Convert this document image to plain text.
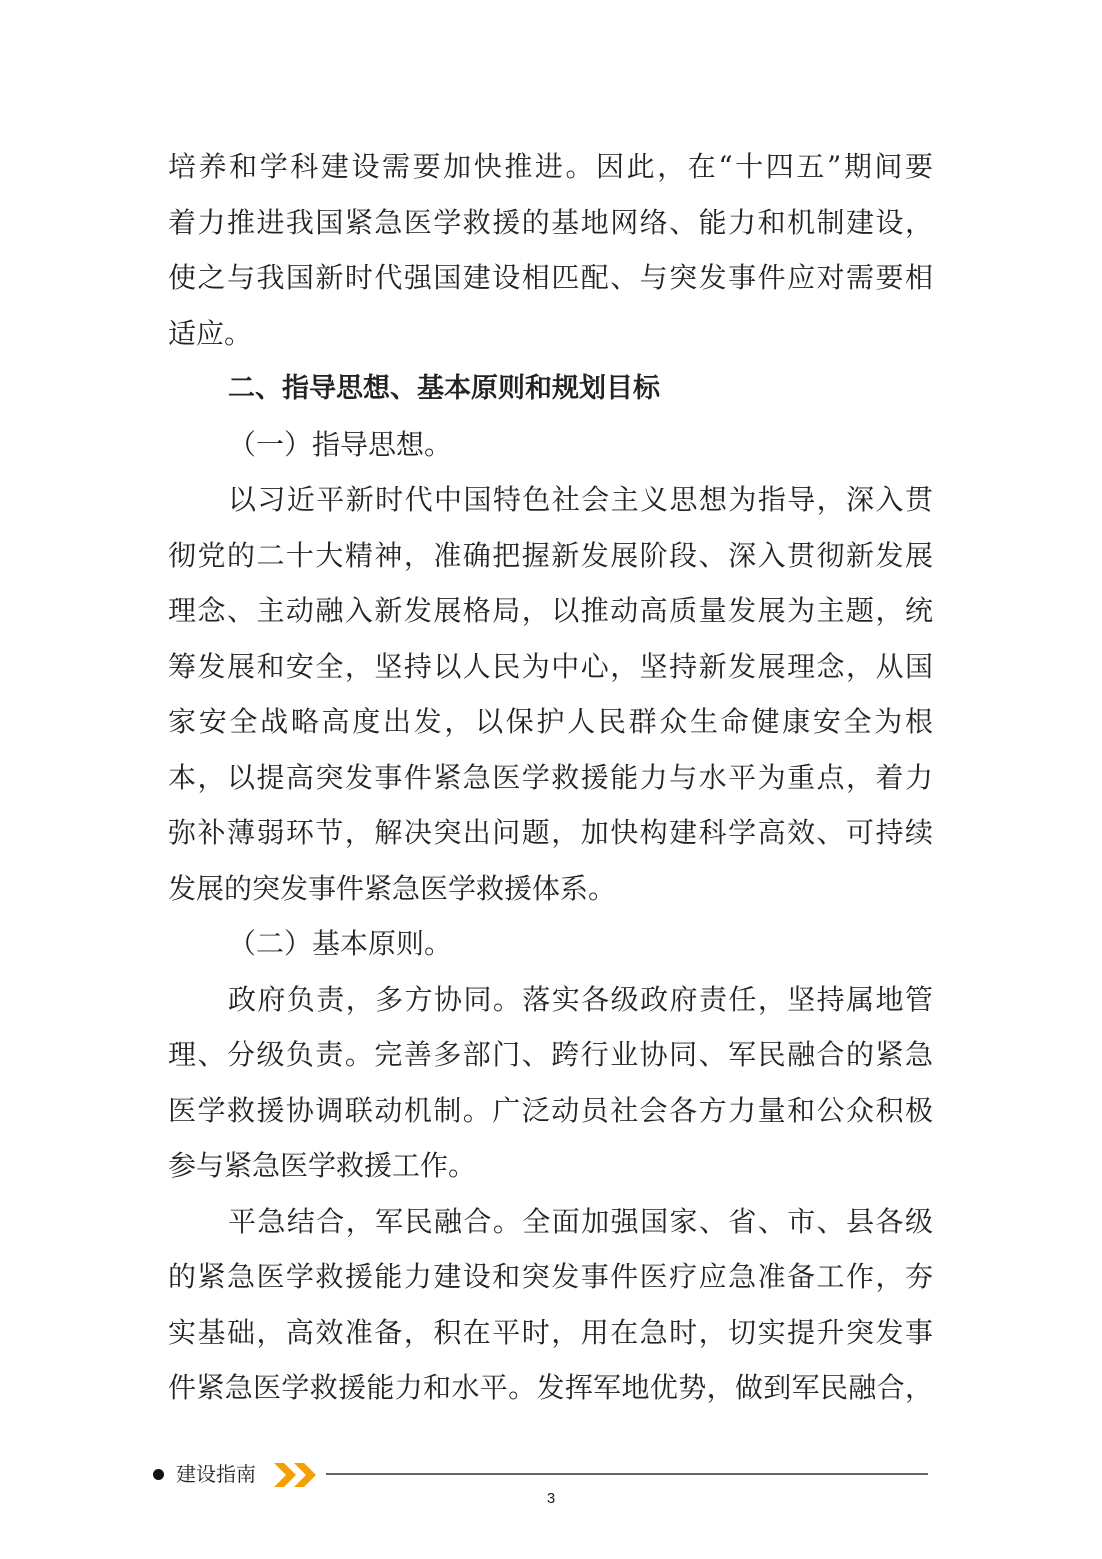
培养和学科建设需要加快推进。因此，在“十四五”期间要
着力推进我国紧急医学救援的基地网络、能力和机制建设，
使之与我国新时代强国建设相匹配、与突发事件应对需要相
适应。
二、指导思想、基本原则和规划目标
（一）指导思想。
以习近平新时代中国特色社会主义思想为指导，深入贯
彻党的二十大精神，准确把握新发展阶段、深入贯彻新发展
理念、主动融入新发展格局，以推动高质量发展为主题，统
筹发展和安全，坚持以人民为中心，坚持新发展理念，从国
家安全战略高度出发，以保护人民群众生命健康安全为根
本，以提高突发事件紧急医学救援能力与水平为重点，着力
弥补薄弱环节，解决突出问题，加快构建科学高效、可持续
发展的突发事件紧急医学救援体系。
（二）基本原则。
政府负责，多方协同。落实各级政府责任，坚持属地管
理、分级负责。完善多部门、跨行业协同、军民融合的紧急
医学救援协调联动机制。广泛动员社会各方力量和公众积极
参与紧急医学救援工作。
平急结合，军民融合。全面加强国家、省、市、县各级
的紧急医学救援能力建设和突发事件医疗应急准备工作，夯
实基础，高效准备，积在平时，用在急时，切实提升突发事
件紧急医学救援能力和水平。发挥军地优势，做到军民融合，
建设指南
3
